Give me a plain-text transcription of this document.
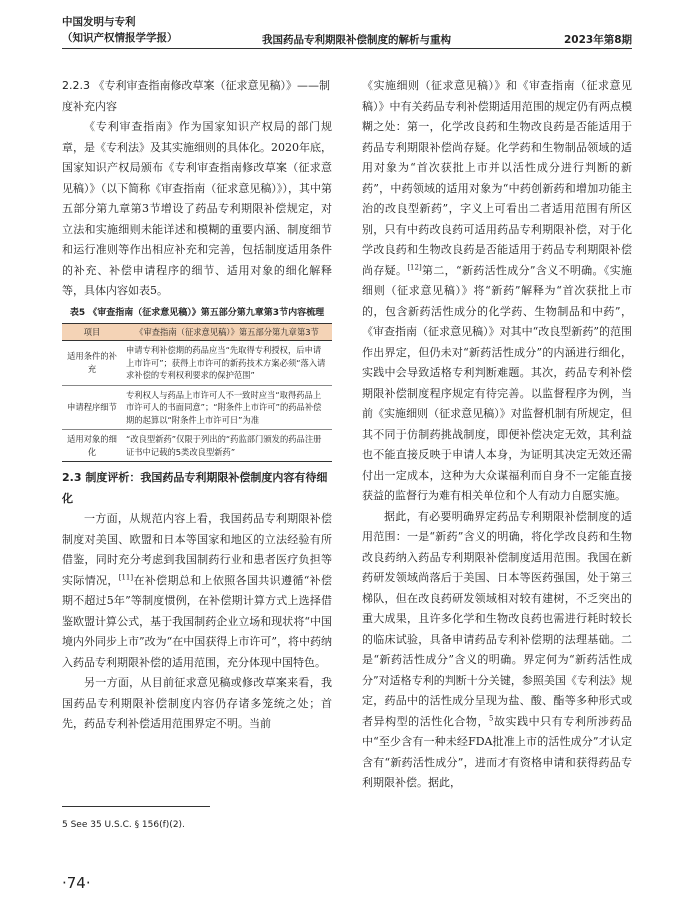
中国发明与专利
（知识产权情报学学报）	我国药品专利期限补偿制度的解析与重构	2023年第8期
2.2.3 《专利审查指南修改草案（征求意见稿）》——制度补充内容

《专利审查指南》作为国家知识产权局的部门规章，是《专利法》及其实施细则的具体化。2020年底，国家知识产权局颁布《专利审查指南修改草案（征求意见稿）》（以下简称《审查指南（征求意见稿）》），其中第五部分第九章第3节增设了药品专利期限补偿规定，对立法和实施细则未能详述和模糊的重要内涵、制度细节和运行准则等作出相应补充和完善，包括制度适用条件的补充、补偿申请程序的细节、适用对象的细化解释等，具体内容如表5。

表5 《审查指南（征求意见稿）》第五部分第九章第3节内容梳理
项目	《审查指南（征求意见稿）》第五部分第九章第3节
适用条件的补充	申请专利补偿期的药品应当“先取得专利授权，后申请上市许可”；获得上市许可的新药技术方案必须“落入请求补偿的专利权利要求的保护范围”
申请程序细节	专利权人与药品上市许可人不一致时应当“取得药品上市许可人的书面同意”；“附条件上市许可”的药品补偿期的起算以“附条件上市许可日”为准
适用对象的细化	“改良型新药”仅限于列出的“药监部门颁发的药品注册证书中记载的5类改良型新药”
2.3 制度评析：我国药品专利期限补偿制度内容有待细化

一方面，从规范内容上看，我国药品专利期限补偿制度对美国、欧盟和日本等国家和地区的立法经验有所借鉴，同时充分考虑到我国制药行业和患者医疗负担等实际情况，[11]在补偿期总和上依照各国共识遵循“补偿期不超过5年”等制度惯例，在补偿期计算方式上选择借鉴欧盟计算公式，基于我国制药企业立场和现状将“中国境内外同步上市”改为“在中国获得上市许可”，将中药纳入药品专利期限补偿的适用范围，充分体现中国特色。

另一方面，从目前征求意见稿或修改草案来看，我国药品专利期限补偿制度内容仍存诸多笼统之处；首先，药品专利补偿适用范围界定不明。当前

《实施细则（征求意见稿）》和《审查指南（征求意见稿）》中有关药品专利补偿期适用范围的规定仍有两点模糊之处：第一，化学改良药和生物改良药是否能适用于药品专利期限补偿尚存疑。化学药和生物制品领域的适用对象为“首次获批上市并以活性成分进行判断的新药”，中药领域的适用对象为“中药创新药和增加功能主治的改良型新药”，字义上可看出二者适用范围有所区别，只有中药改良药可适用药品专利期限补偿，对于化学改良药和生物改良药是否能适用于药品专利期限补偿尚存疑。[12]第二，“新药活性成分”含义不明确。《实施细则（征求意见稿）》将“新药”解释为“首次获批上市的，包含新药活性成分的化学药、生物制品和中药”，《审查指南（征求意见稿）》对其中“改良型新药”的范围作出界定，但仍未对“新药活性成分”的内涵进行细化，实践中会导致适格专利判断难题。其次，药品专利补偿期限补偿制度程序规定有待完善。以监督程序为例，当前《实施细则（征求意见稿）》对监督机制有所规定，但其不同于仿制药挑战制度，即便补偿决定无效，其利益也不能直接反映于申请人本身，为证明其决定无效还需付出一定成本，这种为大众谋福利而自身不一定能直接获益的监督行为难有相关单位和个人有动力自愿实施。

据此，有必要明确界定药品专利期限补偿制度的适用范围：一是“新药”含义的明确，将化学改良药和生物改良药纳入药品专利期限补偿制度适用范围。我国在新药研发领域尚落后于美国、日本等医药强国，处于第三梯队，但在改良药研发领域相对较有建树，不乏突出的重大成果，且许多化学和生物改良药也需进行耗时较长的临床试验，具备申请药品专利补偿期的法理基础。二是“新药活性成分”含义的明确。界定何为“新药活性成分”对适格专利的判断十分关键，参照美国《专利法》规定，药品中的活性成分呈现为盐、酸、酯等多种形式或者异构型的活性化合物，$^5$故实践中只有专利所涉药品中“至少含有一种未经FDA批准上市的活性成分”才认定含有“新药活性成分”，进而才有资格申请和获得药品专利期限补偿。据此，

5 See 35 U.S.C. § 156(f)(2).
·74·
